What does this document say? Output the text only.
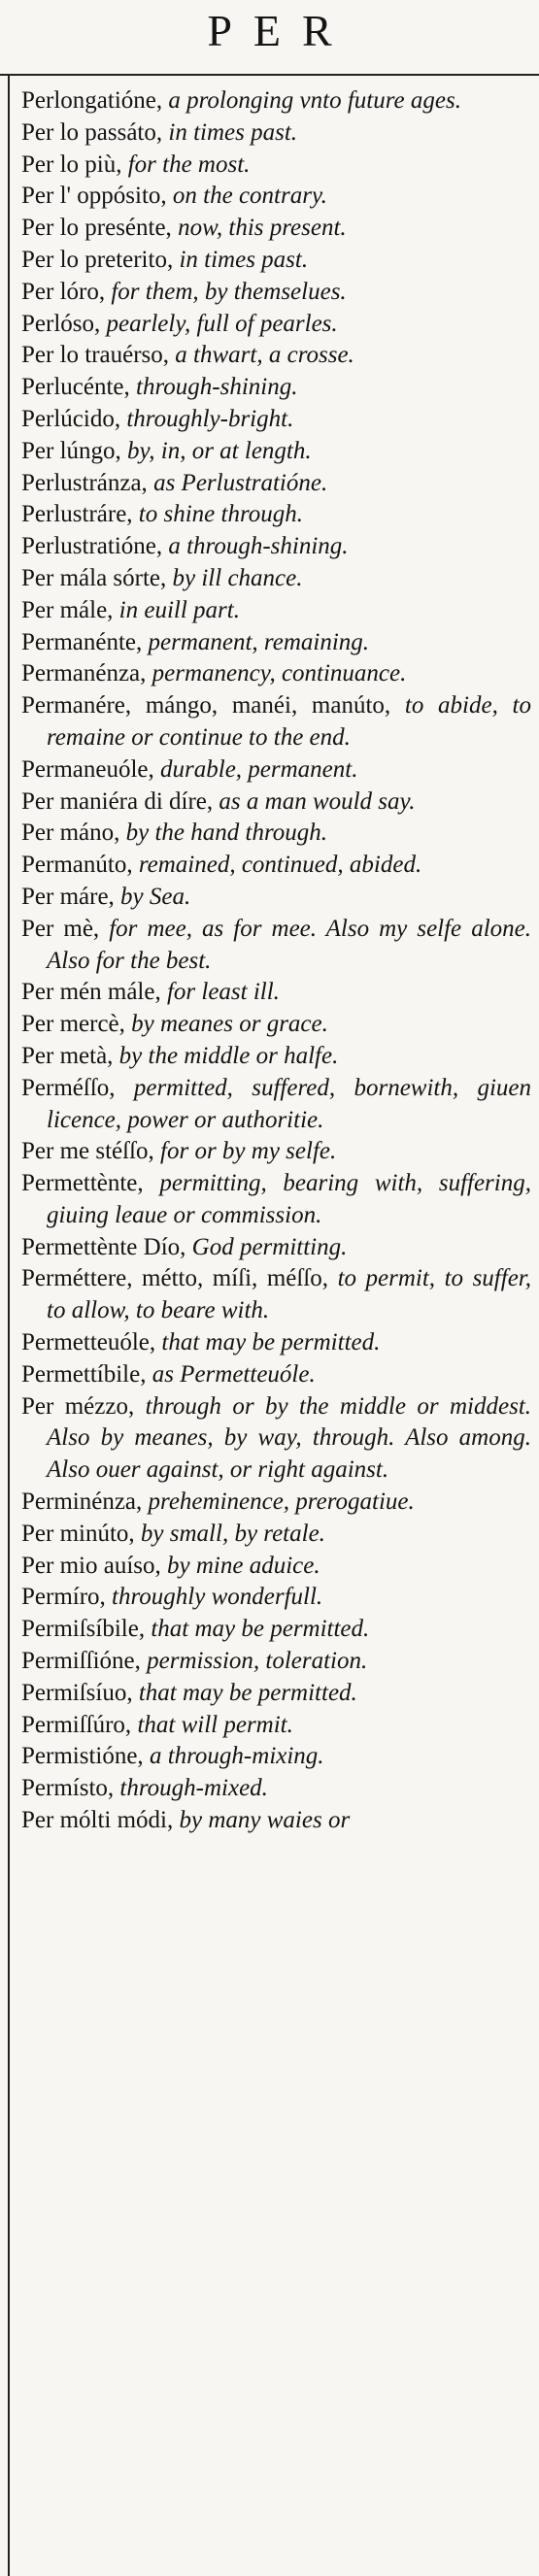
PER
Perlongatióne, a prolonging vnto future ages.
Per lo passáto, in times past.
Per lo più, for the most.
Per l' oppósito, on the contrary.
Per lo presénte, now, this present.
Per lo preterito, in times past.
Per lóro, for them, by themselues.
Perlóso, pearlely, full of pearles.
Per lo trauérso, a thwart, a crosse.
Perlucénte, through-shining.
Perlúcido, throughly-bright.
Per lúngo, by, in, or at length.
Perlustránza, as Perlustratióne.
Perlustráre, to shine through.
Perlustratióne, a through-shining.
Per mála sórte, by ill chance.
Per mále, in euill part.
Permanénte, permanent, remaining.
Permanénza, permanency, continuance.
Permanére, mángo, manéi, manúto, to abide, to remaine or continue to the end.
Permaneuóle, durable, permanent.
Per maniéra di díre, as a man would say.
Per máno, by the hand through.
Permanúto, remained, continued, abided.
Per máre, by Sea.
Per mè, for mee, as for mee. Also my selfe alone. Also for the best.
Per mén mále, for least ill.
Per mercè, by meanes or grace.
Per metà, by the middle or halfe.
Perméſſo, permitted, suffered, bornewith, giuen licence, power or authoritie.
Per me stéſſo, for or by my selfe.
Permettènte, permitting, bearing with, suffering, giuing leaue or commission.
Permettènte Dío, God permitting.
Perméttere, métto, míſi, méſſo, to permit, to suffer, to allow, to beare with.
Permetteuóle, that may be permitted.
Permettíbile, as Permetteuóle.
Per mézzo, through or by the middle or middest. Also by meanes, by way, through. Also among. Also ouer against, or right against.
Perminénza, preheminence, prerogatiue.
Per minúto, by small, by retale.
Per mio auíso, by mine aduice.
Permíro, throughly wonderfull.
Permiſsíbile, that may be permitted.
Permiſſióne, permission, toleration.
Permiſsíuo, that may be permitted.
Permiſſúro, that will permit.
Permistióne, a through-mixing.
Permísto, through-mixed.
Per mólti módi, by many waies or
